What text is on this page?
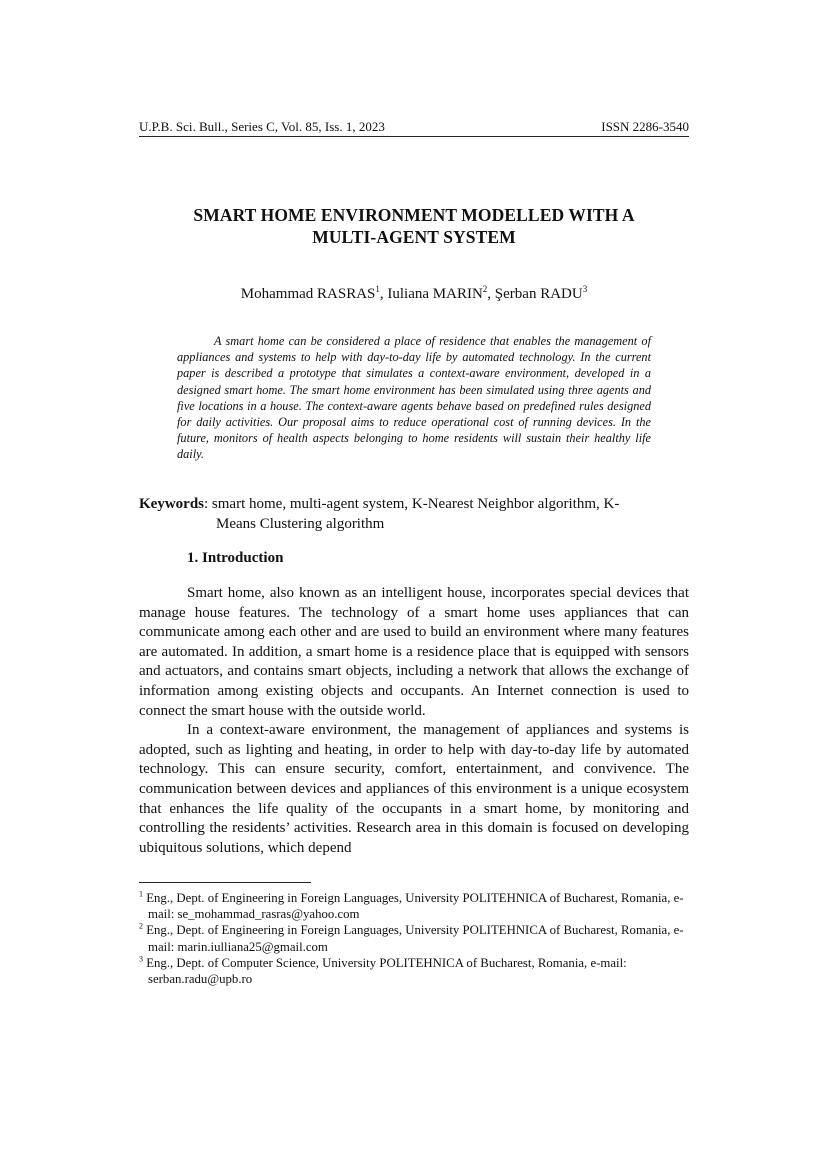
U.P.B. Sci. Bull., Series C, Vol. 85, Iss. 1, 2023	ISSN 2286-3540
SMART HOME ENVIRONMENT MODELLED WITH A
MULTI-AGENT SYSTEM
Mohammad RASRAS$^1$, Iuliana MARIN$^2$, Şerban RADU$^3$
A smart home can be considered a place of residence that enables the management of appliances and systems to help with day-to-day life by automated technology. In the current paper is described a prototype that simulates a context-aware environment, developed in a designed smart home. The smart home environment has been simulated using three agents and five locations in a house. The context-aware agents behave based on predefined rules designed for daily activities. Our proposal aims to reduce operational cost of running devices. In the future, monitors of health aspects belonging to home residents will sustain their healthy life daily.
Keywords: smart home, multi-agent system, K-Nearest Neighbor algorithm, K-
Means Clustering algorithm
1. Introduction

Smart home, also known as an intelligent house, incorporates special devices that manage house features. The technology of a smart home uses appliances that can communicate among each other and are used to build an environment where many features are automated. In addition, a smart home is a residence place that is equipped with sensors and actuators, and contains smart objects, including a network that allows the exchange of information among existing objects and occupants. An Internet connection is used to connect the smart house with the outside world.

In a context-aware environment, the management of appliances and systems is adopted, such as lighting and heating, in order to help with day-to-day life by automated technology. This can ensure security, comfort, entertainment, and convivence. The communication between devices and appliances of this environment is a unique ecosystem that enhances the life quality of the occupants in a smart home, by monitoring and controlling the residents’ activities. Research area in this domain is focused on developing ubiquitous solutions, which depend

$^1$ Eng., Dept. of Engineering in Foreign Languages, University POLITEHNICA of Bucharest, Romania, e-mail: se_mohammad_rasras@yahoo.com

$^2$ Eng., Dept. of Engineering in Foreign Languages, University POLITEHNICA of Bucharest, Romania, e-mail: marin.iulliana25@gmail.com

$^3$ Eng., Dept. of Computer Science, University POLITEHNICA of Bucharest, Romania, e-mail: serban.radu@upb.ro
